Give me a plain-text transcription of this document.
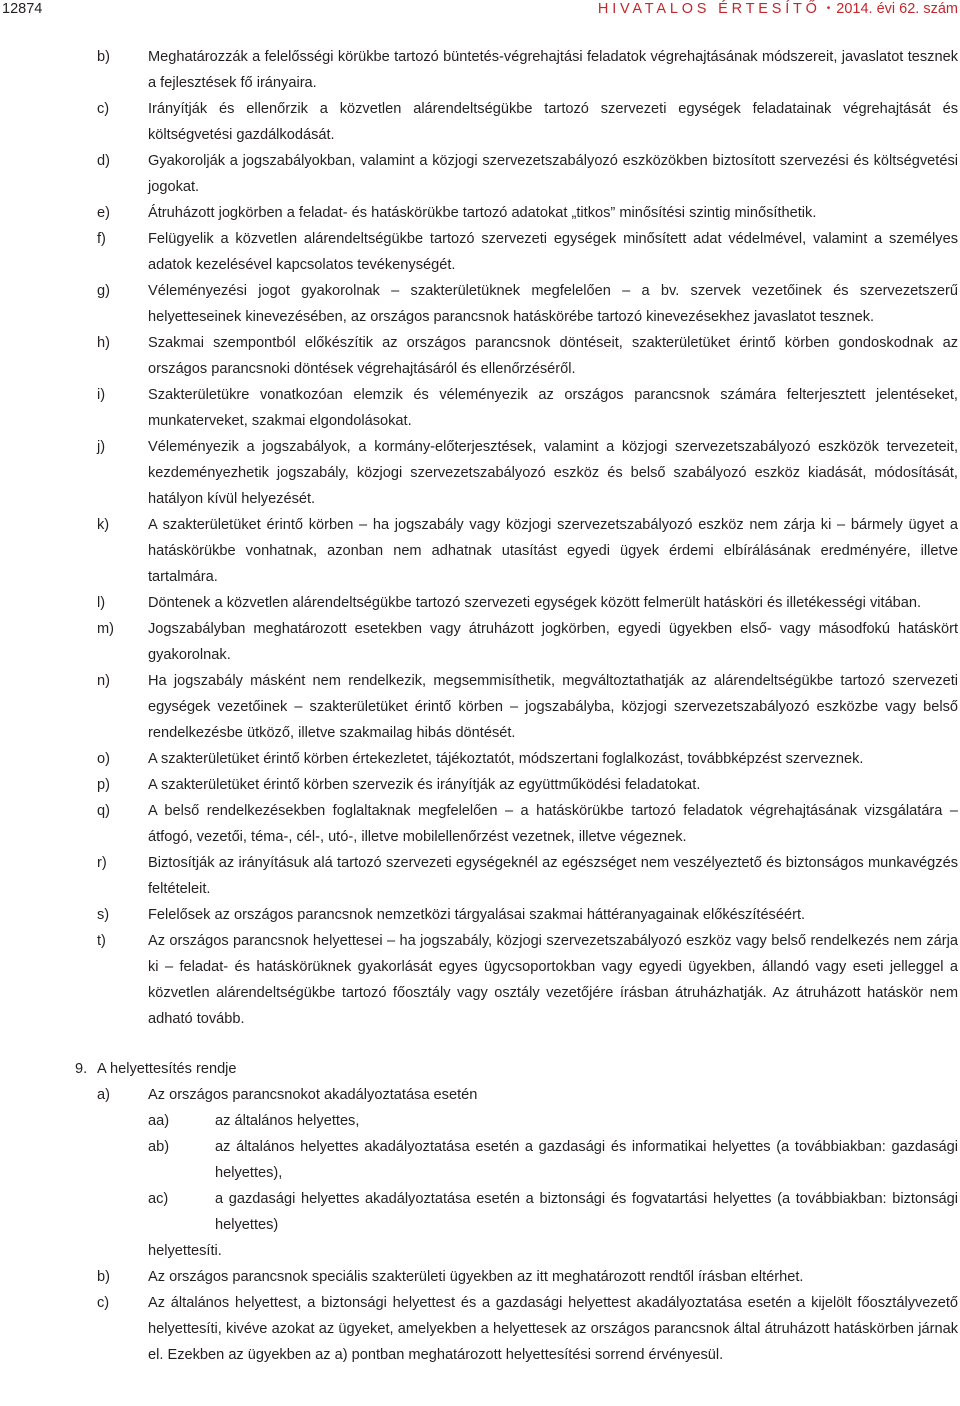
12874	HIVATALOS ÉRTESÍTŐ • 2014. évi 62. szám
b)	Meghatározzák a felelősségi körükbe tartozó büntetés-végrehajtási feladatok végrehajtásának módszereit, javaslatot tesznek a fejlesztések fő irányaira.
c)	Irányítják és ellenőrzik a közvetlen alárendeltségükbe tartozó szervezeti egységek feladatainak végrehajtását és költségvetési gazdálkodását.
d)	Gyakorolják a jogszabályokban, valamint a közjogi szervezetszabályozó eszközökben biztosított szervezési és költségvetési jogokat.
e)	Átruházott jogkörben a feladat- és hatáskörükbe tartozó adatokat „titkos” minősítési szintig minősíthetik.
f)	Felügyelik a közvetlen alárendeltségükbe tartozó szervezeti egységek minősített adat védelmével, valamint a személyes adatok kezelésével kapcsolatos tevékenységét.
g)	Véleményezési jogot gyakorolnak – szakterületüknek megfelelően – a bv. szervek vezetőinek és szervezetszerű helyetteseinek kinevezésében, az országos parancsnok hatáskörébe tartozó kinevezésekhez javaslatot tesznek.
h)	Szakmai szempontból előkészítik az országos parancsnok döntéseit, szakterületüket érintő körben gondoskodnak az országos parancsnoki döntések végrehajtásáról és ellenőrzéséről.
i)	Szakterületükre vonatkozóan elemzik és véleményezik az országos parancsnok számára felterjesztett jelentéseket, munkaterveket, szakmai elgondolásokat.
j)	Véleményezik a jogszabályok, a kormány-előterjesztések, valamint a közjogi szervezetszabályozó eszközök tervezeteit, kezdeményezhetik jogszabály, közjogi szervezetszabályozó eszköz és belső szabályozó eszköz kiadását, módosítását, hatályon kívül helyezését.
k)	A szakterületüket érintő körben – ha jogszabály vagy közjogi szervezetszabályozó eszköz nem zárja ki – bármely ügyet a hatáskörükbe vonhatnak, azonban nem adhatnak utasítást egyedi ügyek érdemi elbírálásának eredményére, illetve tartalmára.
l)	Döntenek a közvetlen alárendeltségükbe tartozó szervezeti egységek között felmerült hatásköri és illetékességi vitában.
m) Jogszabályban meghatározott esetekben vagy átruházott jogkörben, egyedi ügyekben első- vagy másodfokú hatáskört gyakorolnak.
n)	Ha jogszabály másként nem rendelkezik, megsemmisíthetik, megváltoztathatják az alárendeltségükbe tartozó szervezeti egységek vezetőinek – szakterületüket érintő körben – jogszabályba, közjogi szervezetszabályozó eszközbe vagy belső rendelkezésbe ütköző, illetve szakmailag hibás döntését.
o)	A szakterületüket érintő körben értekezletet, tájékoztatót, módszertani foglalkozást, továbbképzést szerveznek.
p)	A szakterületüket érintő körben szervezik és irányítják az együttműködési feladatokat.
q)	A belső rendelkezésekben foglaltaknak megfelelően – a hatáskörükbe tartozó feladatok végrehajtásának vizsgálatára – átfogó, vezetői, téma-, cél-, utó-, illetve mobilellenőrzést vezetnek, illetve végeznek.
r)	Biztosítják az irányításuk alá tartozó szervezeti egységeknél az egészséget nem veszélyeztető és biztonságos munkavégzés feltételeit.
s)	Felelősek az országos parancsnok nemzetközi tárgyalásai szakmai háttéranyagainak előkészítéséért.
t)	Az országos parancsnok helyettesei – ha jogszabály, közjogi szervezetszabályozó eszköz vagy belső rendelkezés nem zárja ki – feladat- és hatáskörüknek gyakorlását egyes ügycsoportokban vagy egyedi ügyekben, állandó vagy eseti jelleggel a közvetlen alárendeltségükbe tartozó főosztály vagy osztály vezetőjére írásban átruházhatják. Az átruházott hatáskör nem adható tovább.
9. A helyettesítés rendje
a)	Az országos parancsnokot akadályoztatása esetén
aa)	az általános helyettes,
ab)	az általános helyettes akadályoztatása esetén a gazdasági és informatikai helyettes (a továbbiakban: gazdasági helyettes),
ac)	a gazdasági helyettes akadályoztatása esetén a biztonsági és fogvatartási helyettes (a továbbiakban: biztonsági helyettes)
helyettesíti.
b)	Az országos parancsnok speciális szakterületi ügyekben az itt meghatározott rendtől írásban eltérhet.
c)	Az általános helyettest, a biztonsági helyettest és a gazdasági helyettest akadályoztatása esetén a kijelölt főosztályvezető helyettesíti, kivéve azokat az ügyeket, amelyekben a helyettesek az országos parancsnok által átruházott hatáskörben járnak el. Ezekben az ügyekben az a) pontban meghatározott helyettesítési sorrend érvényesül.
